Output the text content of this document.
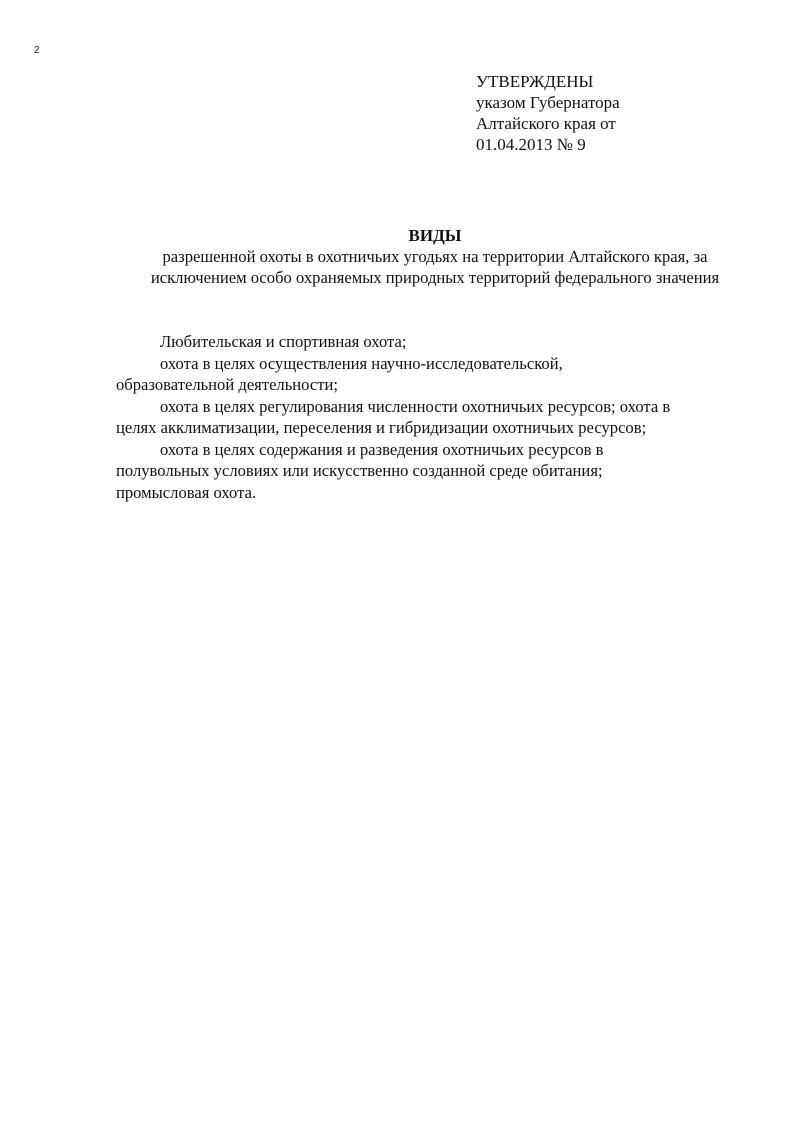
2
УТВЕРЖДЕНЫ
указом Губернатора
Алтайского края от
01.04.2013 № 9
ВИДЫ
разрешенной охоты в охотничьих угодьях на территории Алтайского края, за
исключением особо охраняемых природных территорий федерального значения
Любительская и спортивная охота;
охота в целях осуществления научно-исследовательской,
образовательной деятельности;
охота в целях регулирования численности охотничьих ресурсов; охота в
целях акклиматизации, переселения и гибридизации охотничьих ресурсов;
охота в целях содержания и разведения охотничьих ресурсов в
полувольных условиях или искусственно созданной среде обитания;
промысловая охота.
